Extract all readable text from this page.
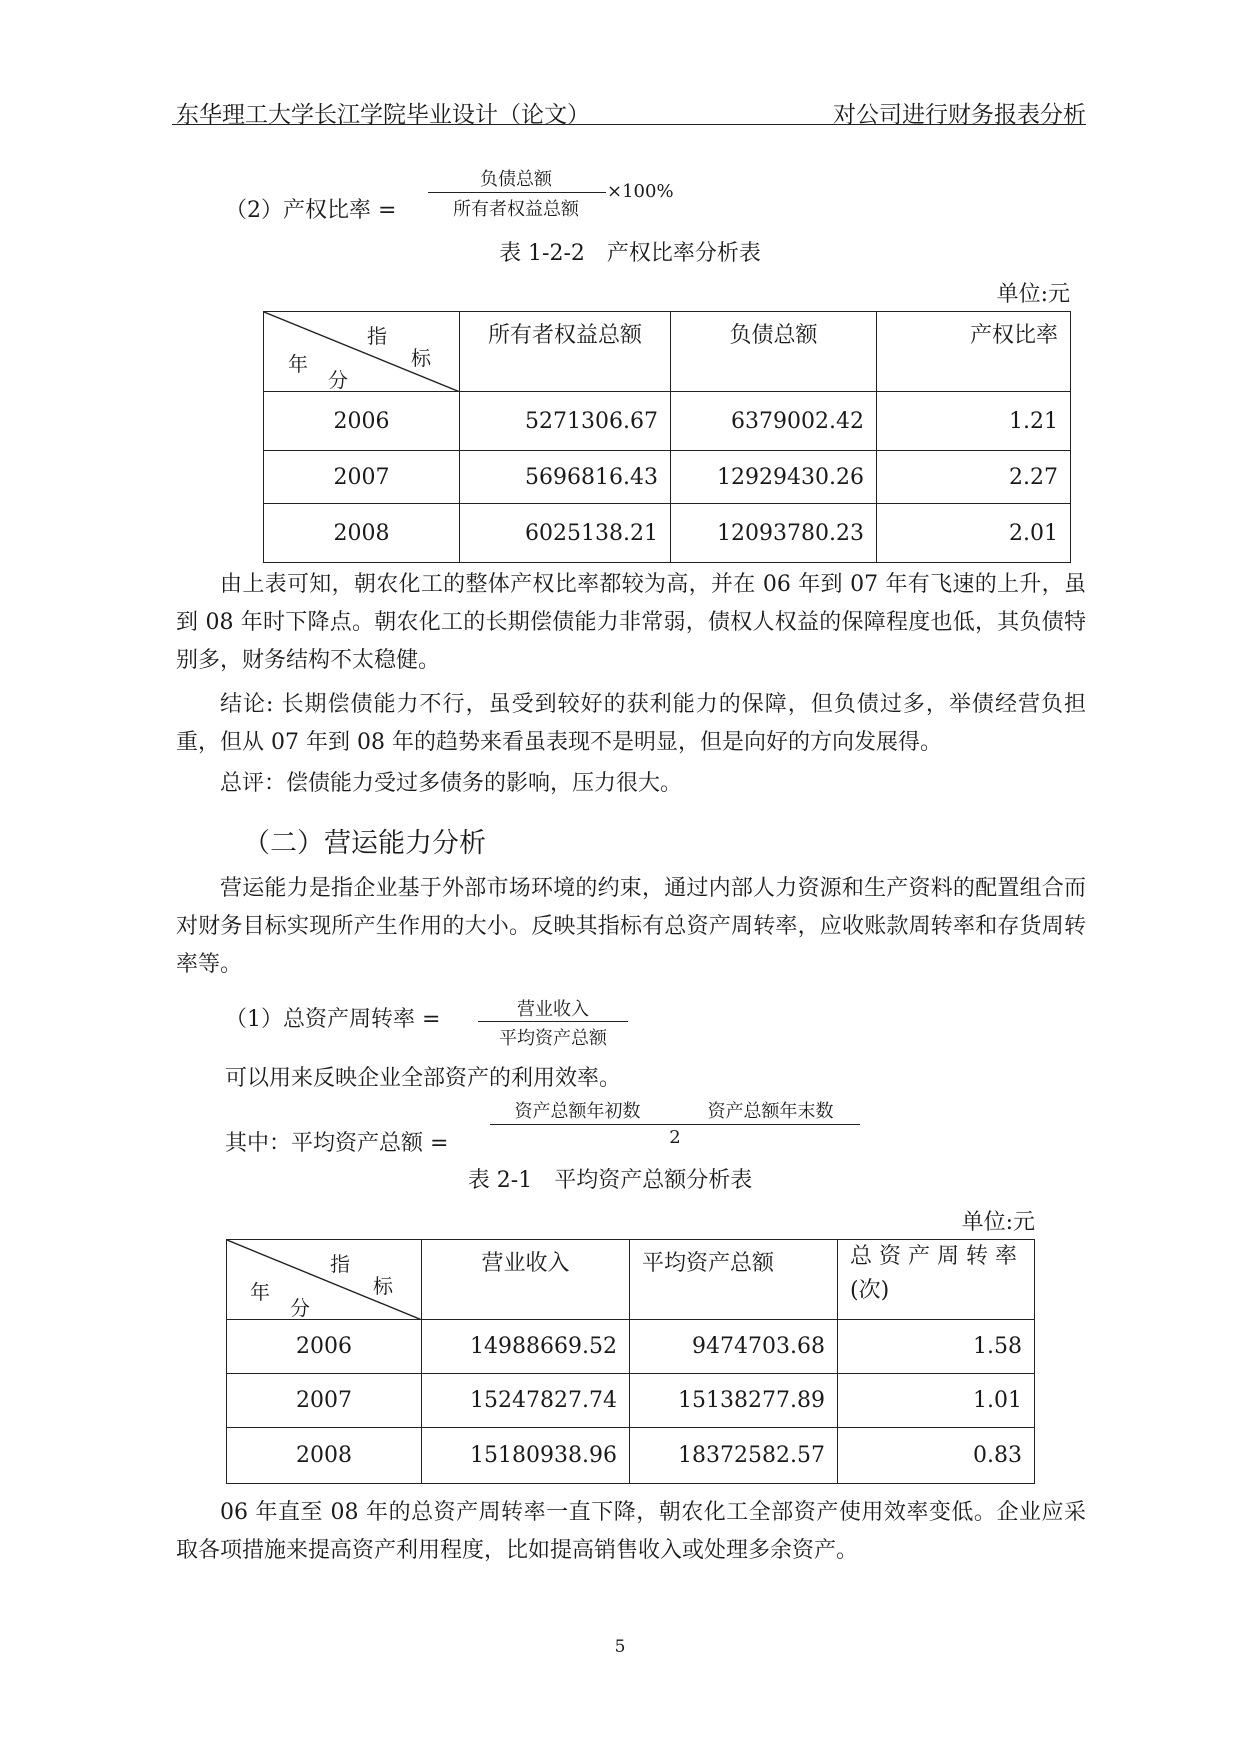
东华理工大学长江学院毕业设计（论文）	对公司进行财务报表分析
（2）产权比率 =
负债总额
所有者权益总额
×100%
表 1-2-2　产权比率分析表
单位:元
指
标
年
分	所有者权益总额	负债总额	产权比率
2006	5271306.67	6379002.42	1.21
2007	5696816.43	12929430.26	2.27
2008	6025138.21	12093780.23	2.01
由上表可知，朝农化工的整体产权比率都较为高，并在 06 年到 07 年有飞速的上升，虽到 08 年时下降点。朝农化工的长期偿债能力非常弱，债权人权益的保障程度也低，其负债特别多，财务结构不太稳健。
结论: 长期偿债能力不行，虽受到较好的获利能力的保障，但负债过多，举债经营负担重，但从 07 年到 08 年的趋势来看虽表现不是明显，但是向好的方向发展得。
总评：偿债能力受过多债务的影响，压力很大。
（二）营运能力分析
营运能力是指企业基于外部市场环境的约束，通过内部人力资源和生产资料的配置组合而对财务目标实现所产生作用的大小。反映其指标有总资产周转率，应收账款周转率和存货周转率等。
（1）总资产周转率 =	营业收入
平均资产总额
可以用来反映企业全部资产的利用效率。
其中：平均资产总额 =
资产总额年初数	资产总额年末数
2
表 2-1　平均资产总额分析表
单位:元
指
标
年
分	营业收入	平均资产总额	总 资 产 周 转 率
(次)
2006	14988669.52	9474703.68	1.58
2007	15247827.74	15138277.89	1.01
2008	15180938.96	18372582.57	0.83
06 年直至 08 年的总资产周转率一直下降，朝农化工全部资产使用效率变低。企业应采取各项措施来提高资产利用程度，比如提高销售收入或处理多余资产。
5
